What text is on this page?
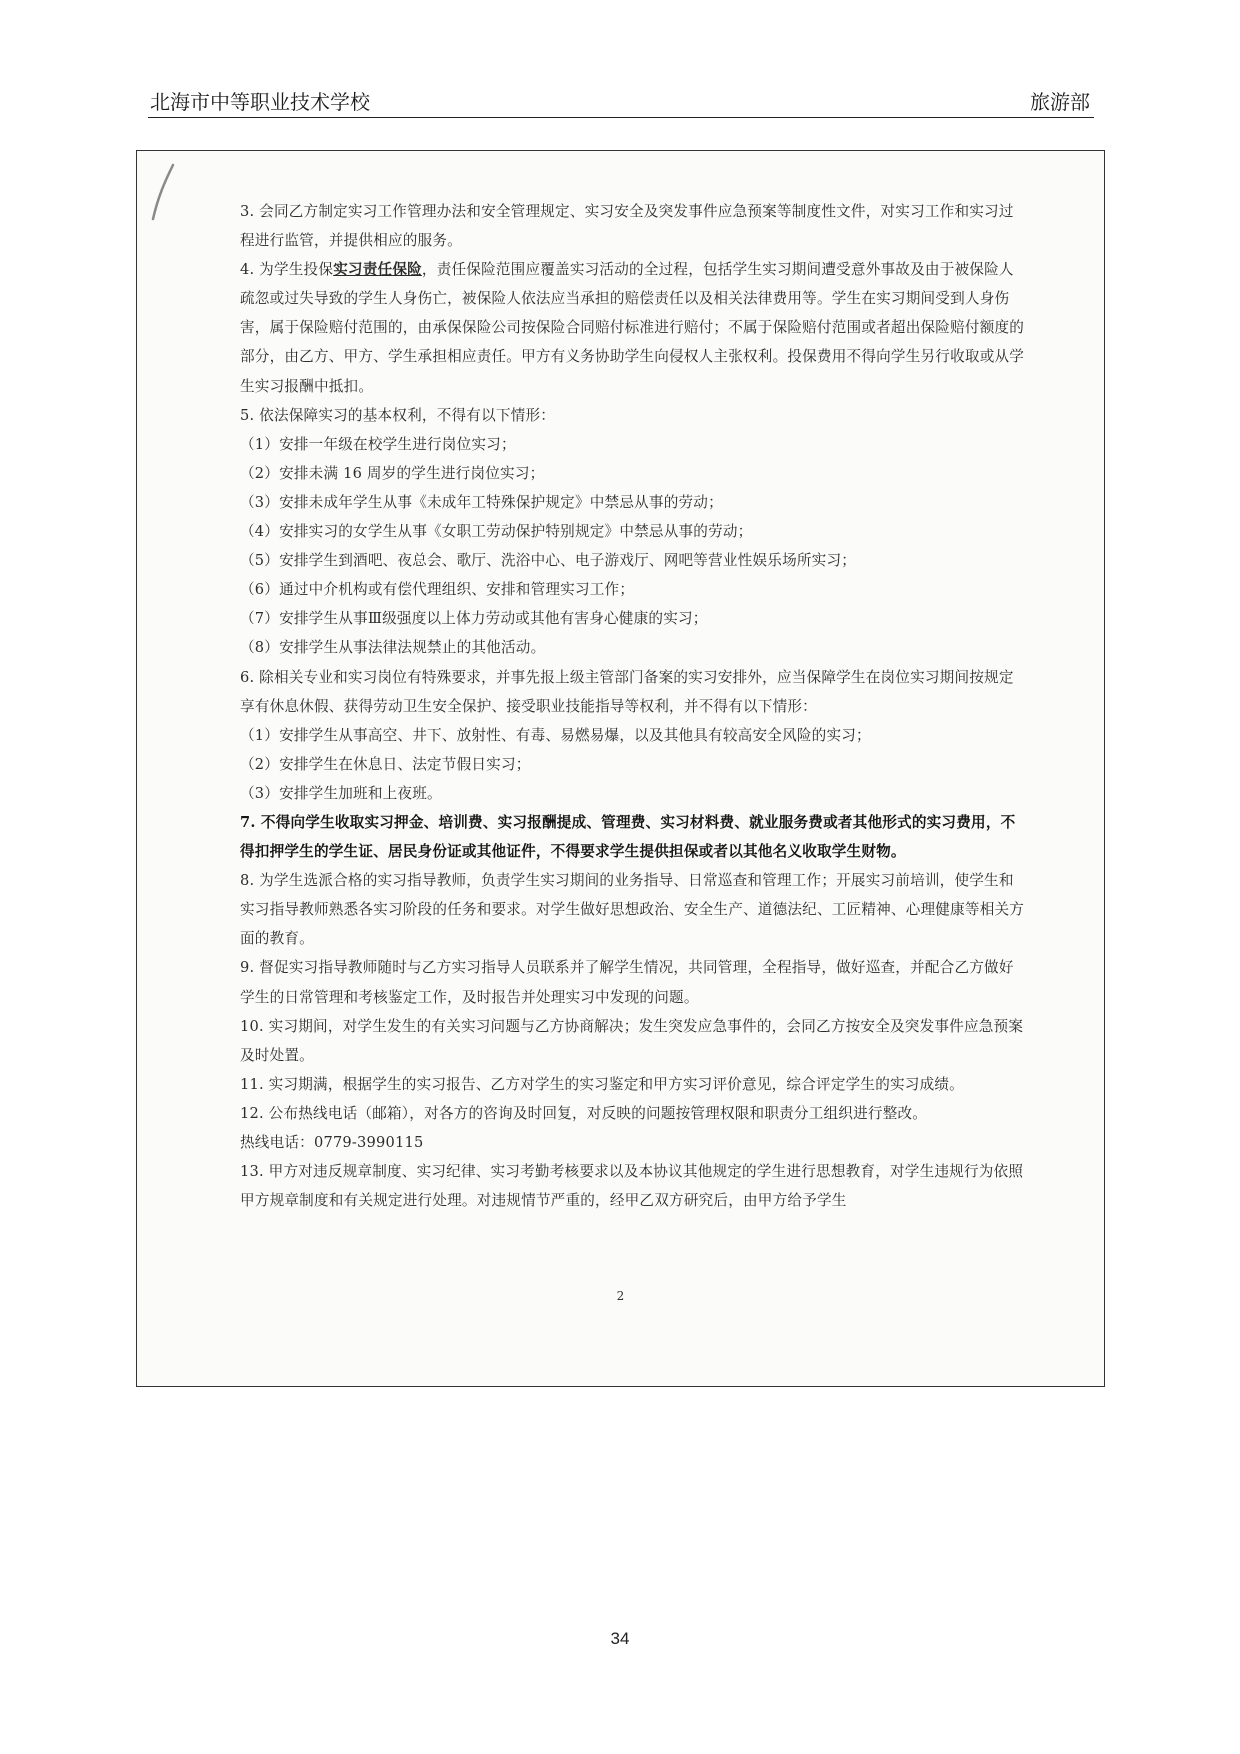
北海市中等职业技术学校	旅游部

3. 会同乙方制定实习工作管理办法和安全管理规定、实习安全及突发事件应急预案等制度性文件，对实习工作和实习过程进行监管，并提供相应的服务。

4. 为学生投保实习责任保险，责任保险范围应覆盖实习活动的全过程，包括学生实习期间遭受意外事故及由于被保险人疏忽或过失导致的学生人身伤亡，被保险人依法应当承担的赔偿责任以及相关法律费用等。学生在实习期间受到人身伤害，属于保险赔付范围的，由承保保险公司按保险合同赔付标准进行赔付；不属于保险赔付范围或者超出保险赔付额度的部分，由乙方、甲方、学生承担相应责任。甲方有义务协助学生向侵权人主张权利。投保费用不得向学生另行收取或从学生实习报酬中抵扣。

5. 依法保障实习的基本权利，不得有以下情形：

（1）安排一年级在校学生进行岗位实习；

（2）安排未满 16 周岁的学生进行岗位实习；

（3）安排未成年学生从事《未成年工特殊保护规定》中禁忌从事的劳动；

（4）安排实习的女学生从事《女职工劳动保护特别规定》中禁忌从事的劳动；

（5）安排学生到酒吧、夜总会、歌厅、洗浴中心、电子游戏厅、网吧等营业性娱乐场所实习；

（6）通过中介机构或有偿代理组织、安排和管理实习工作；

（7）安排学生从事Ⅲ级强度以上体力劳动或其他有害身心健康的实习；

（8）安排学生从事法律法规禁止的其他活动。

6. 除相关专业和实习岗位有特殊要求，并事先报上级主管部门备案的实习安排外，应当保障学生在岗位实习期间按规定享有休息休假、获得劳动卫生安全保护、接受职业技能指导等权利，并不得有以下情形：

（1）安排学生从事高空、井下、放射性、有毒、易燃易爆，以及其他具有较高安全风险的实习；

（2）安排学生在休息日、法定节假日实习；

（3）安排学生加班和上夜班。

7. 不得向学生收取实习押金、培训费、实习报酬提成、管理费、实习材料费、就业服务费或者其他形式的实习费用，不得扣押学生的学生证、居民身份证或其他证件，不得要求学生提供担保或者以其他名义收取学生财物。

8. 为学生选派合格的实习指导教师，负责学生实习期间的业务指导、日常巡查和管理工作；开展实习前培训，使学生和实习指导教师熟悉各实习阶段的任务和要求。对学生做好思想政治、安全生产、道德法纪、工匠精神、心理健康等相关方面的教育。

9. 督促实习指导教师随时与乙方实习指导人员联系并了解学生情况，共同管理，全程指导，做好巡查，并配合乙方做好学生的日常管理和考核鉴定工作，及时报告并处理实习中发现的问题。

10. 实习期间，对学生发生的有关实习问题与乙方协商解决；发生突发应急事件的，会同乙方按安全及突发事件应急预案及时处置。

11. 实习期满，根据学生的实习报告、乙方对学生的实习鉴定和甲方实习评价意见，综合评定学生的实习成绩。

12. 公布热线电话（邮箱），对各方的咨询及时回复，对反映的问题按管理权限和职责分工组织进行整改。

热线电话：0779-3990115

13. 甲方对违反规章制度、实习纪律、实习考勤考核要求以及本协议其他规定的学生进行思想教育，对学生违规行为依照甲方规章制度和有关规定进行处理。对违规情节严重的，经甲乙双方研究后，由甲方给予学生

2
34
